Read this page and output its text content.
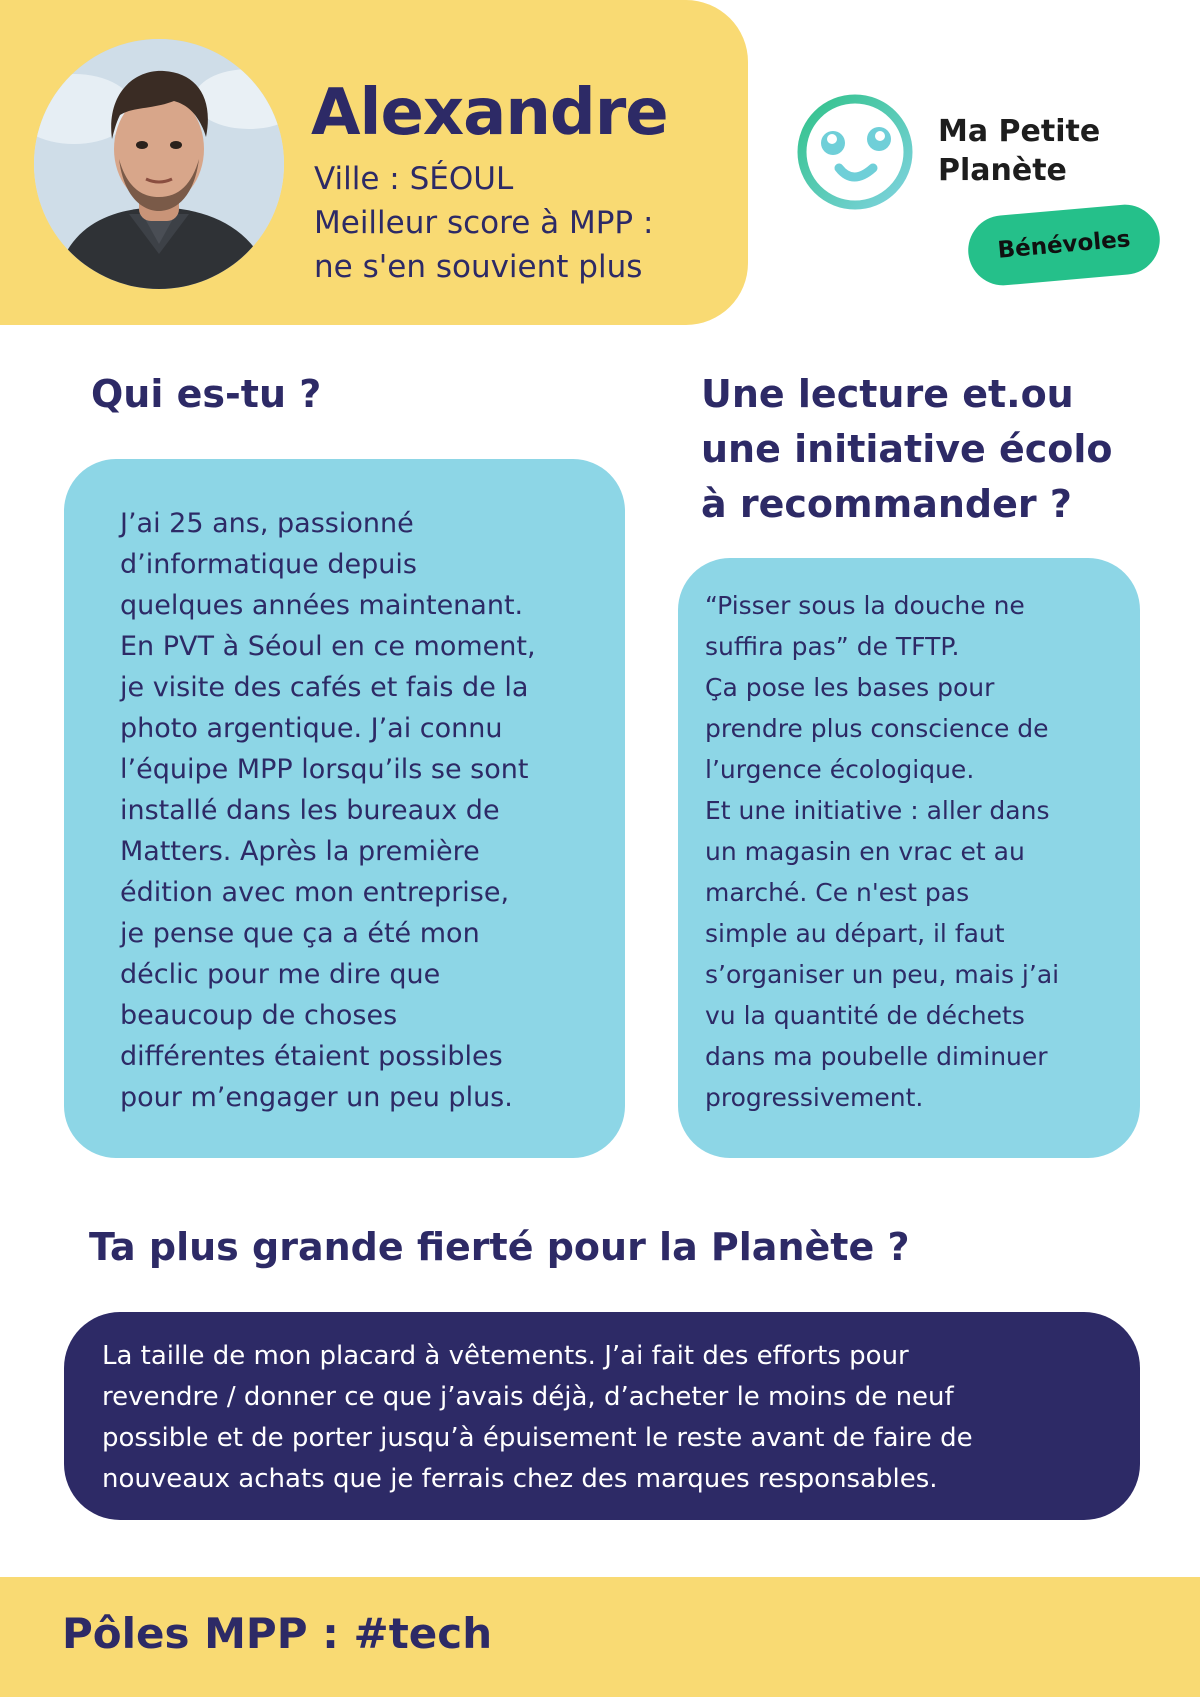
Alexandre
Ville : SÉOUL
Meilleur score à MPP :
ne s'en souvient plus
Ma Petite
Planète
Bénévoles
Qui es-tu ?

J’ai 25 ans, passionné
d’informatique depuis
quelques années maintenant.
En PVT à Séoul en ce moment,
je visite des cafés et fais de la
photo argentique. J’ai connu
l’équipe MPP lorsqu’ils se sont
installé dans les bureaux de
Matters. Après la première
édition avec mon entreprise,
je pense que ça a été mon
déclic pour me dire que
beaucoup de choses
différentes étaient possibles
pour m’engager un peu plus.

Une lecture et.ou
une initiative écolo
à recommander ?

“Pisser sous la douche ne
suffira pas” de TFTP.
Ça pose les bases pour
prendre plus conscience de
l’urgence écologique.
Et une initiative : aller dans
un magasin en vrac et au
marché. Ce n'est pas
simple au départ, il faut
s’organiser un peu, mais j’ai
vu la quantité de déchets
dans ma poubelle diminuer
progressivement.

Ta plus grande fierté pour la Planète ?

La taille de mon placard à vêtements. J’ai fait des efforts pour
revendre / donner ce que j’avais déjà, d’acheter le moins de neuf
possible et de porter jusqu’à épuisement le reste avant de faire de
nouveaux achats que je ferrais chez des marques responsables.

Pôles MPP : #tech
